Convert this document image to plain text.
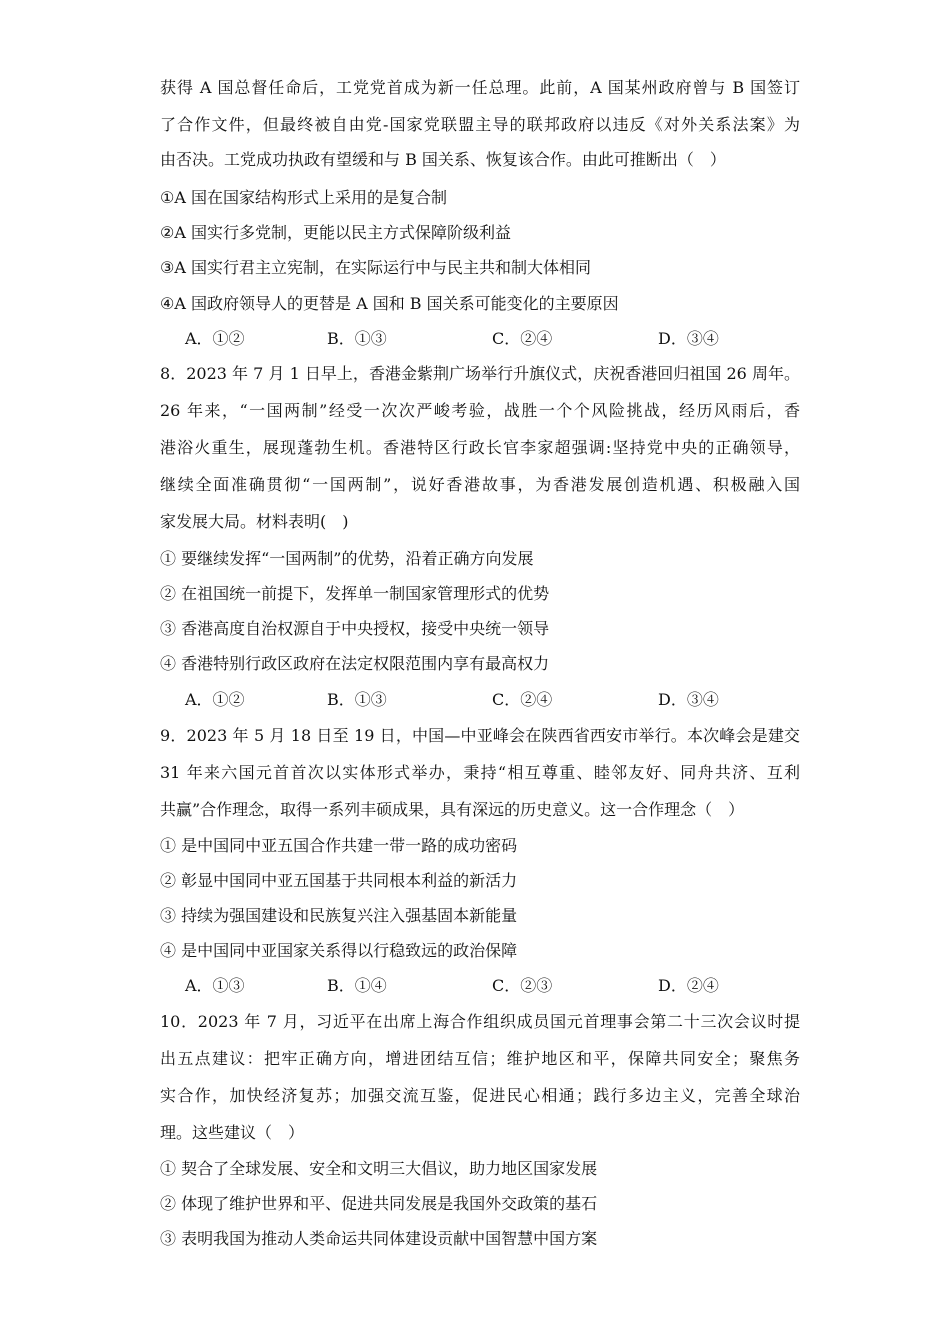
获得 A 国总督任命后，工党党首成为新一任总理。此前，A 国某州政府曾与 B 国签订
了合作文件，但最终被自由党-国家党联盟主导的联邦政府以违反《对外关系法案》为
由否决。工党成功执政有望缓和与 B 国关系、恢复该合作。由此可推断出（　）
①A 国在国家结构形式上采用的是复合制
②A 国实行多党制，更能以民主方式保障阶级利益
③A 国实行君主立宪制，在实际运行中与民主共和制大体相同
④A 国政府领导人的更替是 A 国和 B 国关系可能变化的主要原因
A．①②	B．①③	C．②④	D．③④
8．2023 年 7 月 1 日早上，香港金紫荆广场举行升旗仪式，庆祝香港回归祖国 26 周年。
26 年来，“一国两制”经受一次次严峻考验，战胜一个个风险挑战，经历风雨后，香
港浴火重生，展现蓬勃生机。香港特区行政长官李家超强调:坚持党中央的正确领导，
继续全面准确贯彻“一国两制”，说好香港故事，为香港发展创造机遇、积极融入国
家发展大局。材料表明(　)
① 要继续发挥“一国两制”的优势，沿着正确方向发展
② 在祖国统一前提下，发挥单一制国家管理形式的优势
③ 香港高度自治权源自于中央授权，接受中央统一领导
④ 香港特别行政区政府在法定权限范围内享有最高权力
A．①②	B．①③	C．②④	D．③④
9．2023 年 5 月 18 日至 19 日，中国—中亚峰会在陕西省西安市举行。本次峰会是建交
31 年来六国元首首次以实体形式举办，秉持“相互尊重、睦邻友好、同舟共济、互利
共赢”合作理念，取得一系列丰硕成果，具有深远的历史意义。这一合作理念（　）
① 是中国同中亚五国合作共建一带一路的成功密码
② 彰显中国同中亚五国基于共同根本利益的新活力
③ 持续为强国建设和民族复兴注入强基固本新能量
④ 是中国同中亚国家关系得以行稳致远的政治保障
A．①③	B．①④	C．②③	D．②④
10．2023 年 7 月，习近平在出席上海合作组织成员国元首理事会第二十三次会议时提
出五点建议：把牢正确方向，增进团结互信；维护地区和平，保障共同安全；聚焦务
实合作，加快经济复苏；加强交流互鉴，促进民心相通；践行多边主义，完善全球治
理。这些建议（　）
① 契合了全球发展、安全和文明三大倡议，助力地区国家发展
② 体现了维护世界和平、促进共同发展是我国外交政策的基石
③ 表明我国为推动人类命运共同体建设贡献中国智慧中国方案
